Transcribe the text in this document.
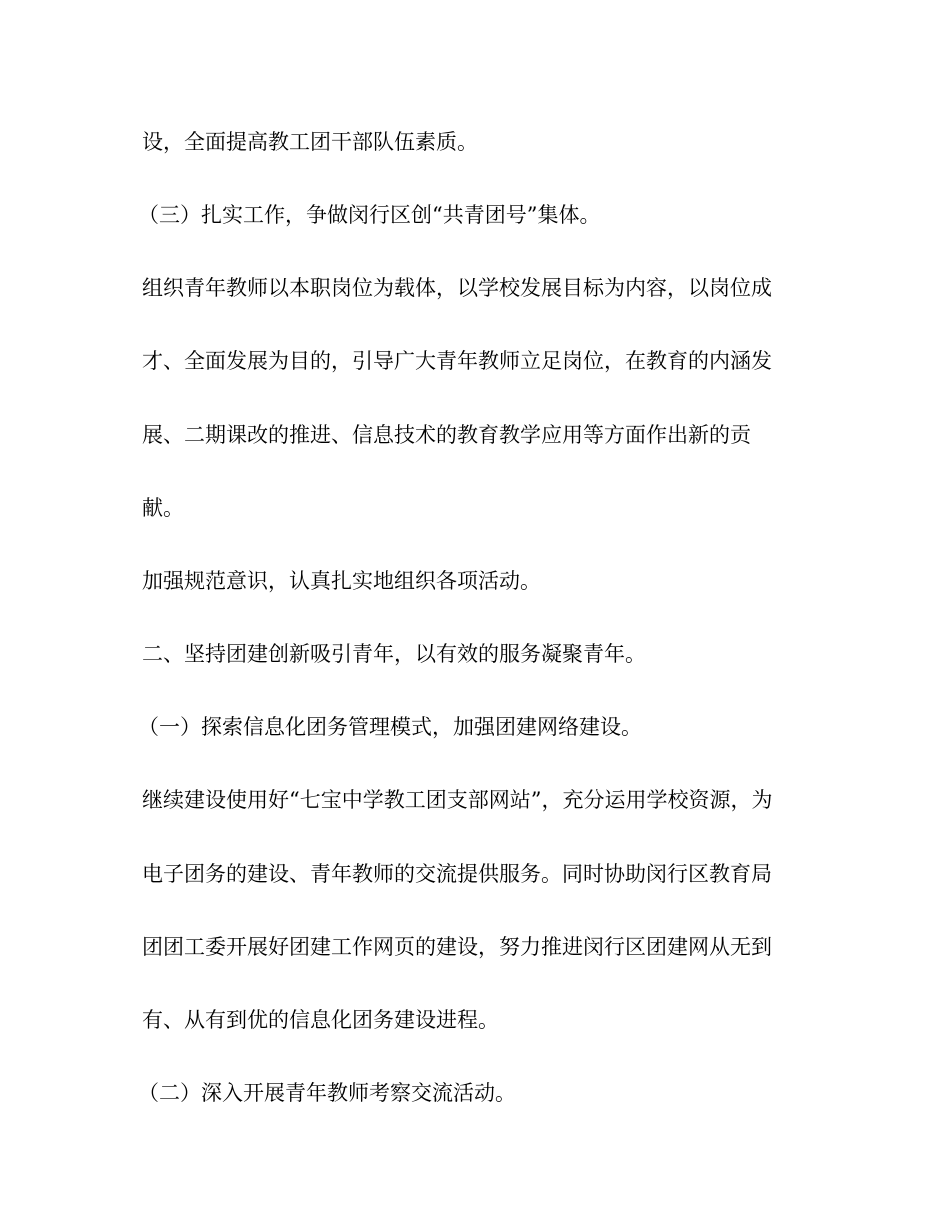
设，全面提高教工团干部队伍素质。

（三）扎实工作，争做闵行区创“共青团号”集体。

组织青年教师以本职岗位为载体，以学校发展目标为内容，以岗位成

才、全面发展为目的，引导广大青年教师立足岗位，在教育的内涵发

展、二期课改的推进、信息技术的教育教学应用等方面作出新的贡

献。

加强规范意识，认真扎实地组织各项活动。

二、坚持团建创新吸引青年，以有效的服务凝聚青年。

（一）探索信息化团务管理模式，加强团建网络建设。

继续建设使用好“七宝中学教工团支部网站”，充分运用学校资源，为

电子团务的建设、青年教师的交流提供服务。同时协助闵行区教育局

团团工委开展好团建工作网页的建设，努力推进闵行区团建网从无到

有、从有到优的信息化团务建设进程。

（二）深入开展青年教师考察交流活动。
